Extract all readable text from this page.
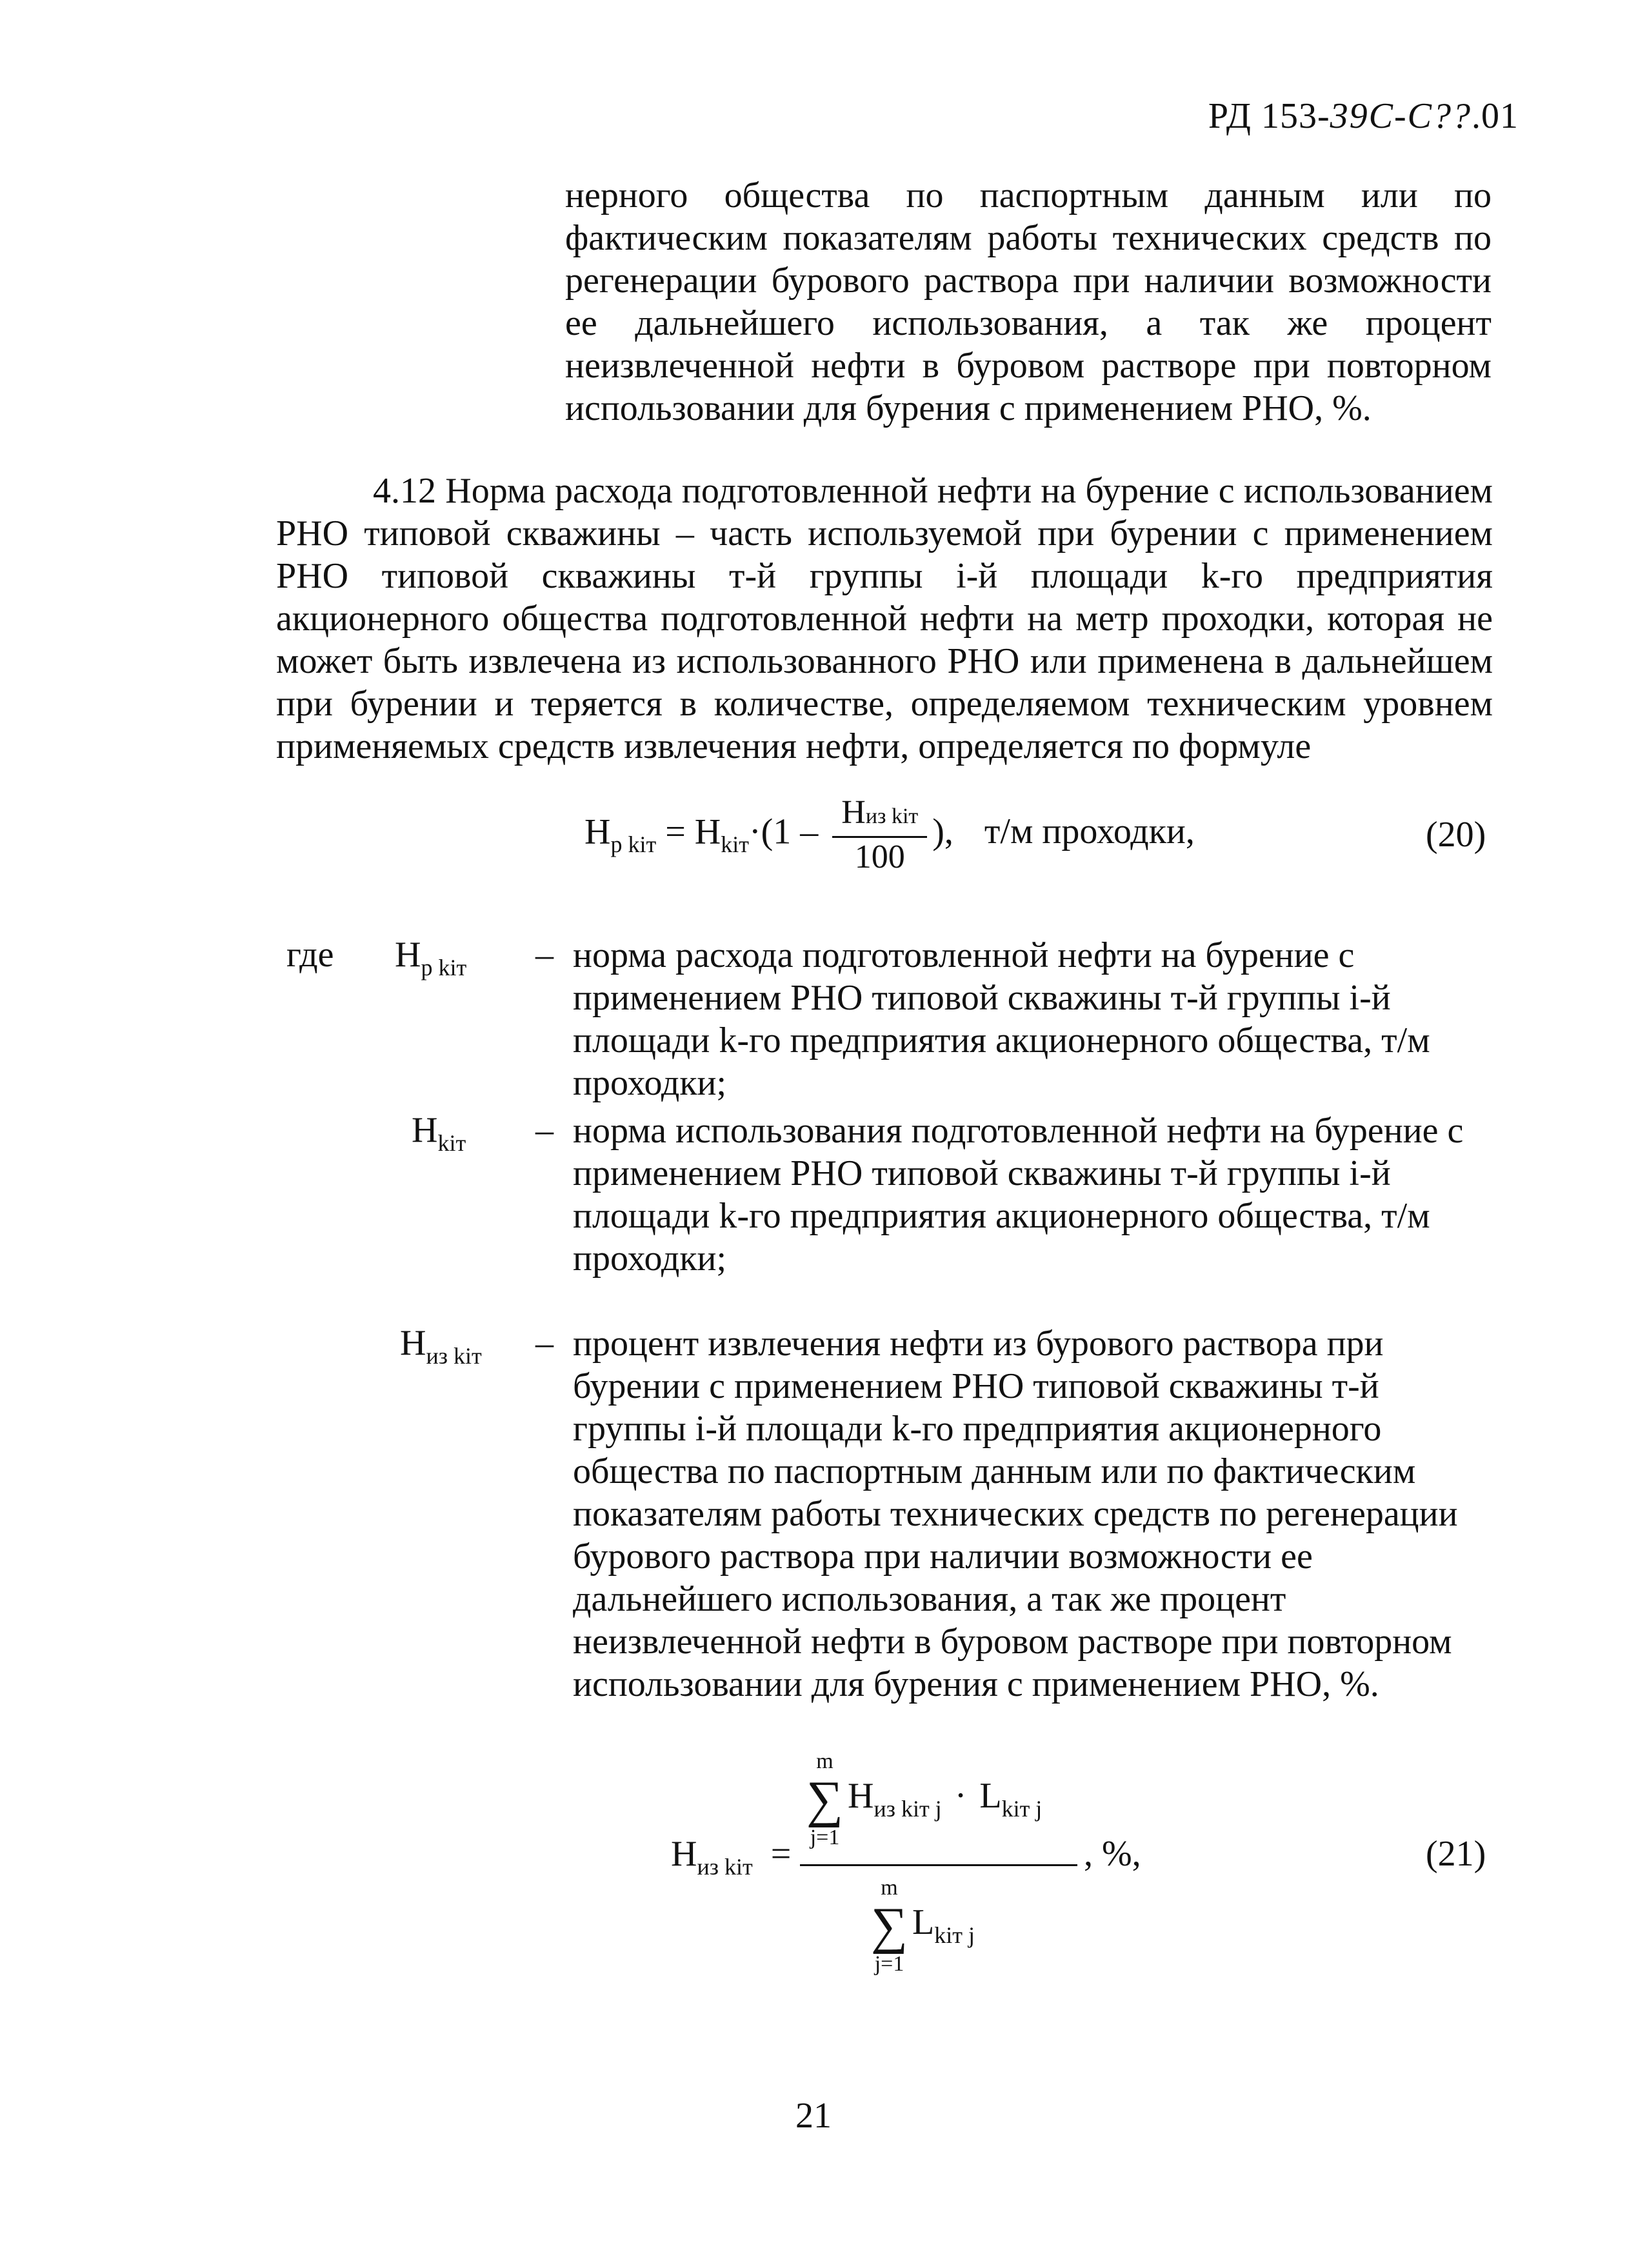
РД 153-39С-С??.01
нерного общества по паспортным данным или по фактическим показателям работы технических средств по регенерации бурового раствора при наличии возможности ее дальнейшего использования, а так же процент неизвлеченной нефти в буровом растворе при повторном использовании для бурения с применением РНО, %.
4.12 Норма расхода подготовленной нефти на бурение с использованием РНО типовой скважины – часть используемой при бурении с применением РНО типовой скважины т-й группы i-й площади k-го предприятия акционерного общества подготовленной нефти на метр проходки, которая не может быть извлечена из использованного РНО или применена в дальнейшем при бурении и теряется в количестве, определяемом техническим уровнем применяемых средств извлечения нефти, определяется по формуле
$Н_{р kiт} = Н_{kiт}\cdot(1 - \frac{\text{Низ kiт}}{100}$ ), т/м проходки,	(20)
где $Н_{р kiт}$ – норма расхода подготовленной нефти на бурение с применением РНО типовой скважины т-й группы i-й площади k-го предприятия акционерного общества, т/м проходки;
$Н_{kiт}$ – норма использования подготовленной нефти на бурение с применением РНО типовой скважины т-й группы i-й площади k-го предприятия акционерного общества, т/м проходки;
$Н_{из kiт}$ – процент извлечения нефти из бурового раствора при бурении с применением РНО типовой скважины т-й группы i-й площади k-го предприятия акционерного общества по паспортным данным или по фактическим показателям работы технических средств по регенерации бурового раствора при наличии возможности ее дальнейшего использования, а так же процент неизвлеченной нефти в буровом растворе при повторном использовании для бурения с применением РНО, %.
$Н_{из kiт}$ =
m
∑
j=1
$Н_{из kiт j} \cdot L_{kiт j}$
m
∑
j=1
$L_{kiт j}$
, %,	(21)
21
